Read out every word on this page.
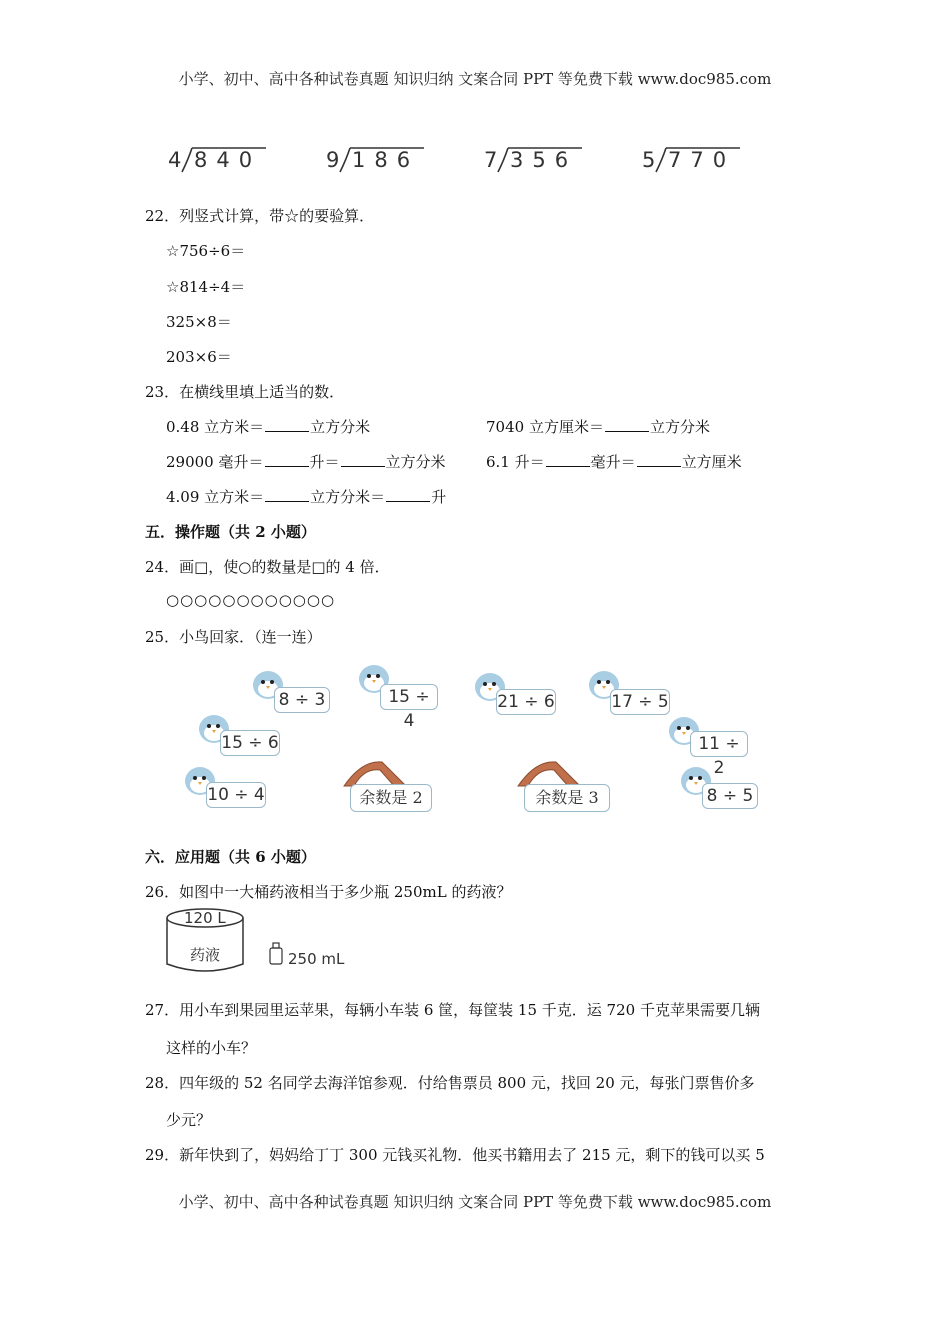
小学、初中、高中各种试卷真题 知识归纳 文案合同 PPT 等免费下载 www.doc985.com
4 840	9 186	7 356	5 770
22．列竖式计算，带☆的要验算．
☆756÷6＝
☆814÷4＝
325×8＝
203×6＝
23．在横线里填上适当的数．
0.48 立方米＝	立方分米	7040 立方厘米＝	立方分米
29000 毫升＝	升＝	立方分米	6.1 升＝	毫升＝	立方厘米
4.09 立方米＝	立方分米＝	升
五．操作题（共 2 小题）
24．画□，使○的数量是□的 4 倍．
○○○○○○○○○○○○
25．小鸟回家．（连一连）
8 ÷ 3	15 ÷ 4
21 ÷ 6	17 ÷ 5
15 ÷ 6	11 ÷ 2
10 ÷ 4	8 ÷ 5
余数是 2	余数是 3
六．应用题（共 6 小题）
26．如图中一大桶药液相当于多少瓶 250mL 的药液？
120 L
药液	250 mL
27．用小车到果园里运苹果，每辆小车装 6 筐，每筐装 15 千克．运 720 千克苹果需要几辆
这样的小车？
28．四年级的 52 名同学去海洋馆参观．付给售票员 800 元，找回 20 元，每张门票售价多
少元？
29．新年快到了，妈妈给丁丁 300 元钱买礼物．他买书籍用去了 215 元，剩下的钱可以买 5
小学、初中、高中各种试卷真题 知识归纳 文案合同 PPT 等免费下载 www.doc985.com
